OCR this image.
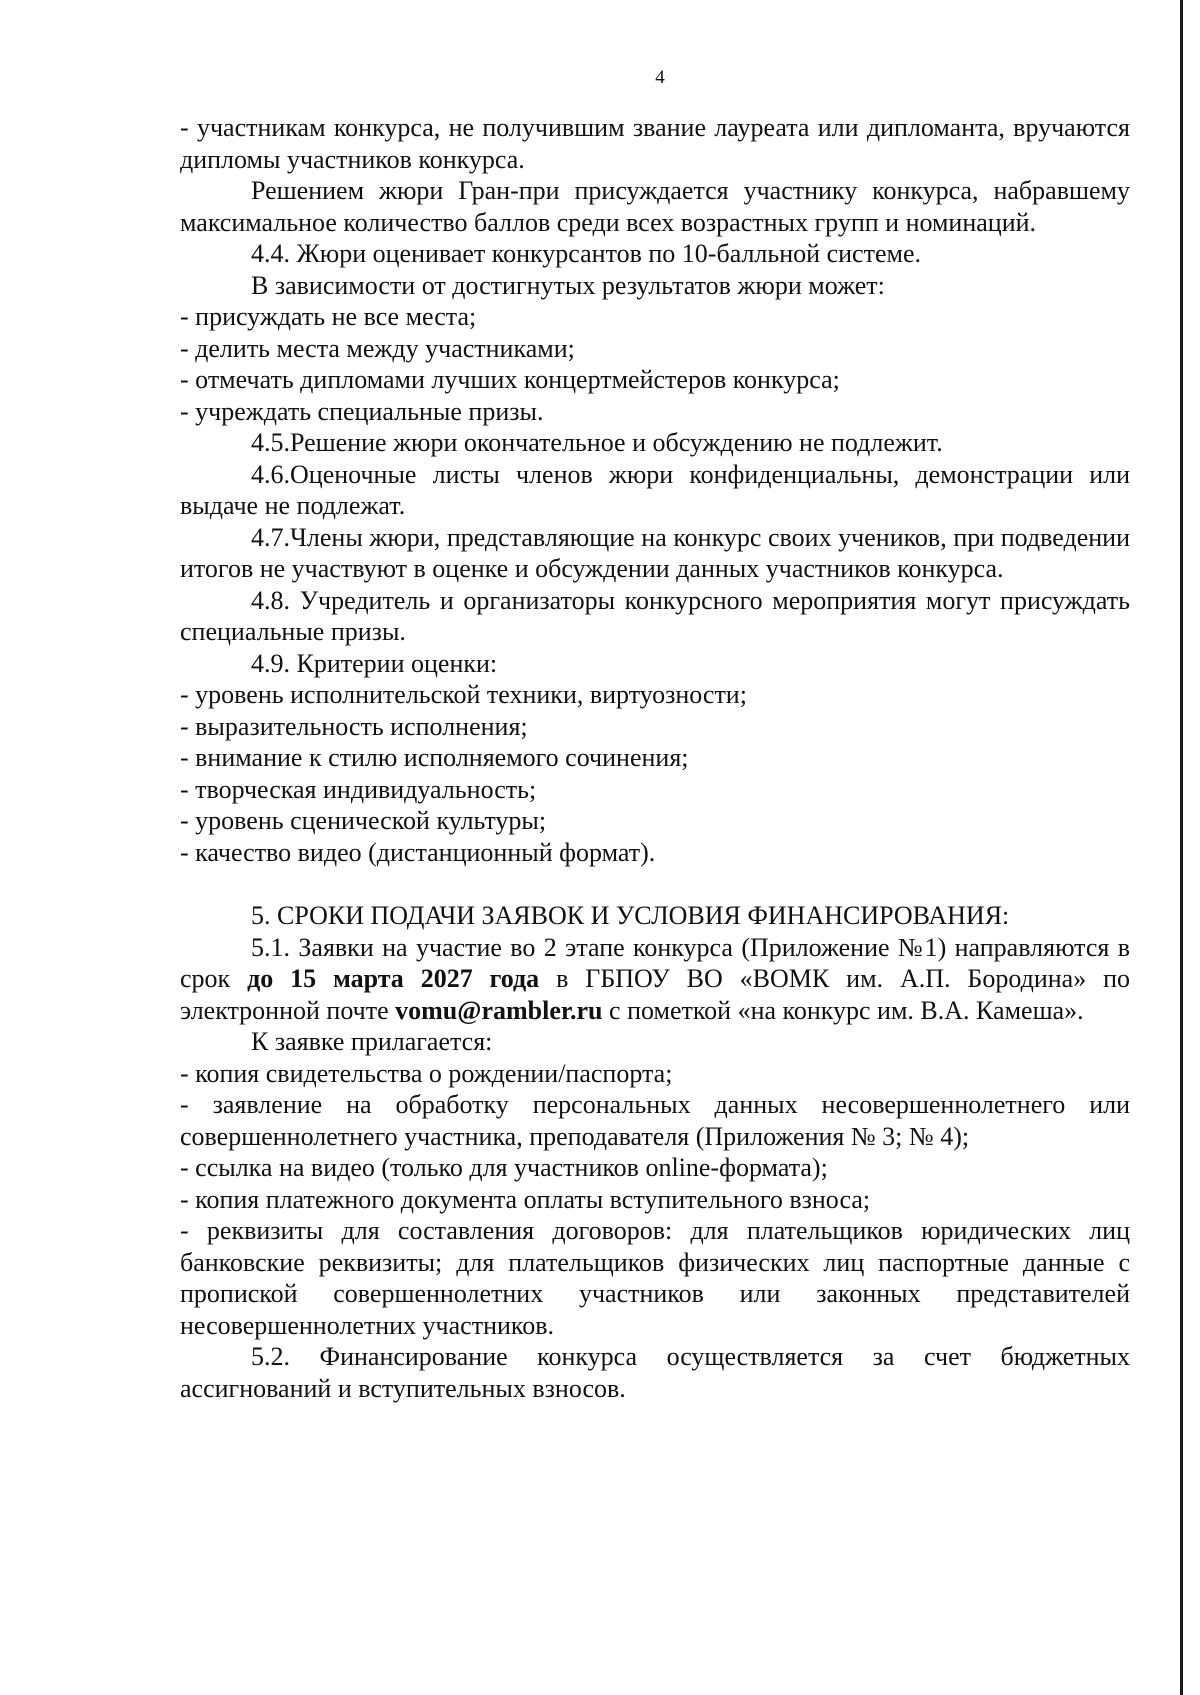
4

- участникам конкурса, не получившим звание лауреата или дипломанта, вручаются дипломы участников конкурса.

Решением жюри Гран-при присуждается участнику конкурса, набравшему максимальное количество баллов среди всех возрастных групп и номинаций.

4.4. Жюри оценивает конкурсантов по 10-балльной системе.

В зависимости от достигнутых результатов жюри может:

- присуждать не все места;

- делить места между участниками;

- отмечать дипломами лучших концертмейстеров конкурса;

- учреждать специальные призы.

4.5.Решение жюри окончательное и обсуждению не подлежит.

4.6.Оценочные листы членов жюри конфиденциальны, демонстрации или выдаче не подлежат.

4.7.Члены жюри, представляющие на конкурс своих учеников, при подведении итогов не участвуют в оценке и обсуждении данных участников конкурса.

4.8. Учредитель и организаторы конкурсного мероприятия могут присуждать специальные призы.

4.9. Критерии оценки:

- уровень исполнительской техники, виртуозности;

- выразительность исполнения;

- внимание к стилю исполняемого сочинения;

- творческая индивидуальность;

- уровень сценической культуры;

- качество видео (дистанционный формат).

5. СРОКИ ПОДАЧИ ЗАЯВОК И УСЛОВИЯ ФИНАНСИРОВАНИЯ:

5.1. Заявки на участие во 2 этапе конкурса (Приложение №1) направляются в срок до 15 марта 2027 года в ГБПОУ ВО «ВОМК им. А.П. Бородина» по электронной почте vomu@rambler.ru с пометкой «на конкурс им. В.А. Камеша».

К заявке прилагается:

- копия свидетельства о рождении/паспорта;

- заявление на обработку персональных данных несовершеннолетнего или совершеннолетнего участника, преподавателя (Приложения № 3; № 4);

- ссылка на видео (только для участников online-формата);

- копия платежного документа оплаты вступительного взноса;

- реквизиты для составления договоров: для плательщиков юридических лиц банковские реквизиты; для плательщиков физических лиц паспортные данные с пропиской совершеннолетних участников или законных представителей несовершеннолетних участников.

5.2. Финансирование конкурса осуществляется за счет бюджетных ассигнований и вступительных взносов.
